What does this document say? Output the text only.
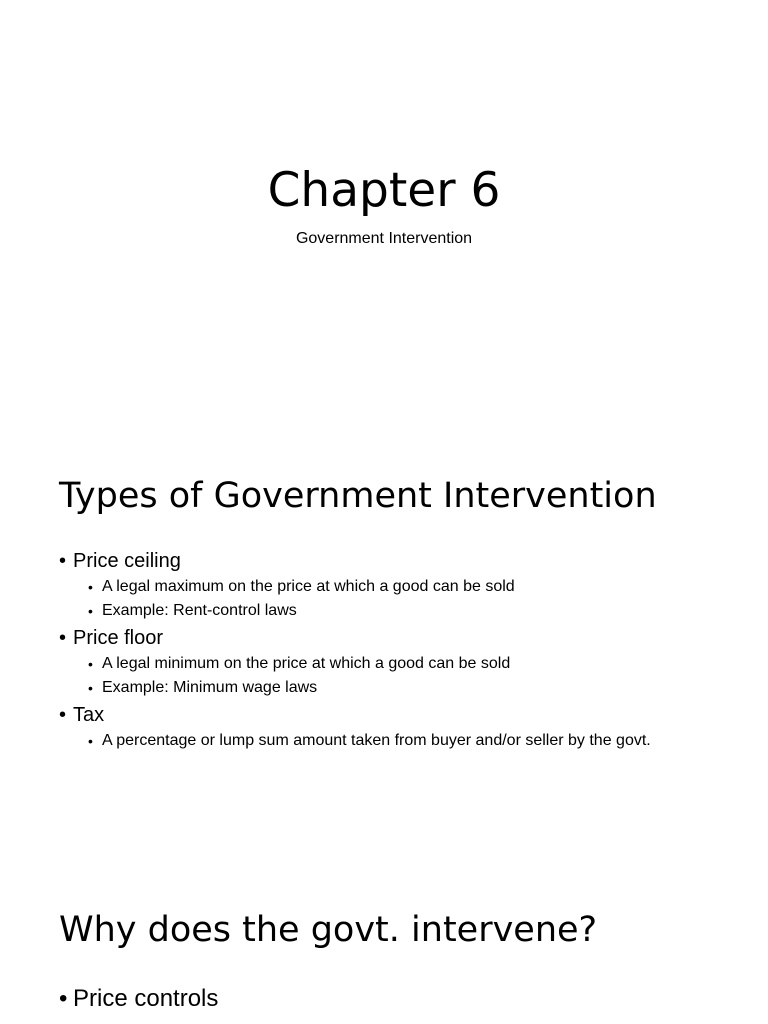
Chapter 6

Government Intervention

Types of Government Intervention
• Price ceiling
• A legal maximum on the price at which a good can be sold
• Example: Rent-control laws
• Price floor
• A legal minimum on the price at which a good can be sold
• Example: Minimum wage laws
• Tax
• A percentage or lump sum amount taken from buyer and/or seller by the govt.
Why does the govt. intervene?
• Price controls
